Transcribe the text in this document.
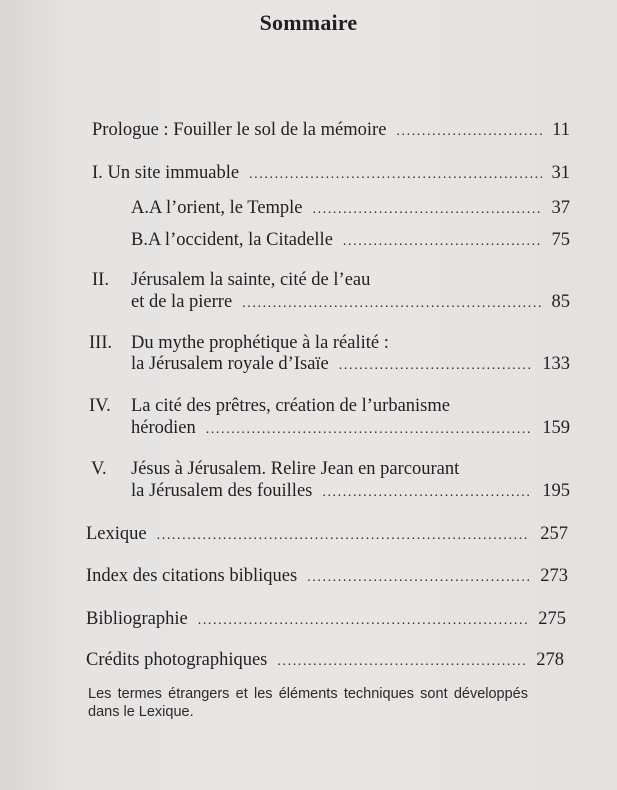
Sommaire
Prologue : Fouiller le sol de la mémoire .....	11
I. Un site immuable .....	31
A. A l’orient, le Temple .....	37
B. A l’occident, la Citadelle .....	75
II. Jérusalem la sainte, cité de l’eau
et de la pierre .....	85
III. Du mythe prophétique à la réalité :
la Jérusalem royale d’Isaïe .....	133
IV. La cité des prêtres, création de l’urbanisme
hérodien .....	159
V. Jésus à Jérusalem. Relire Jean en parcourant
la Jérusalem des fouilles .....	195
Lexique .....	257
Index des citations bibliques .....	273
Bibliographie .....	275
Crédits photographiques .....	278
Les termes étrangers et les éléments techniques sont développés dans le Lexique.
